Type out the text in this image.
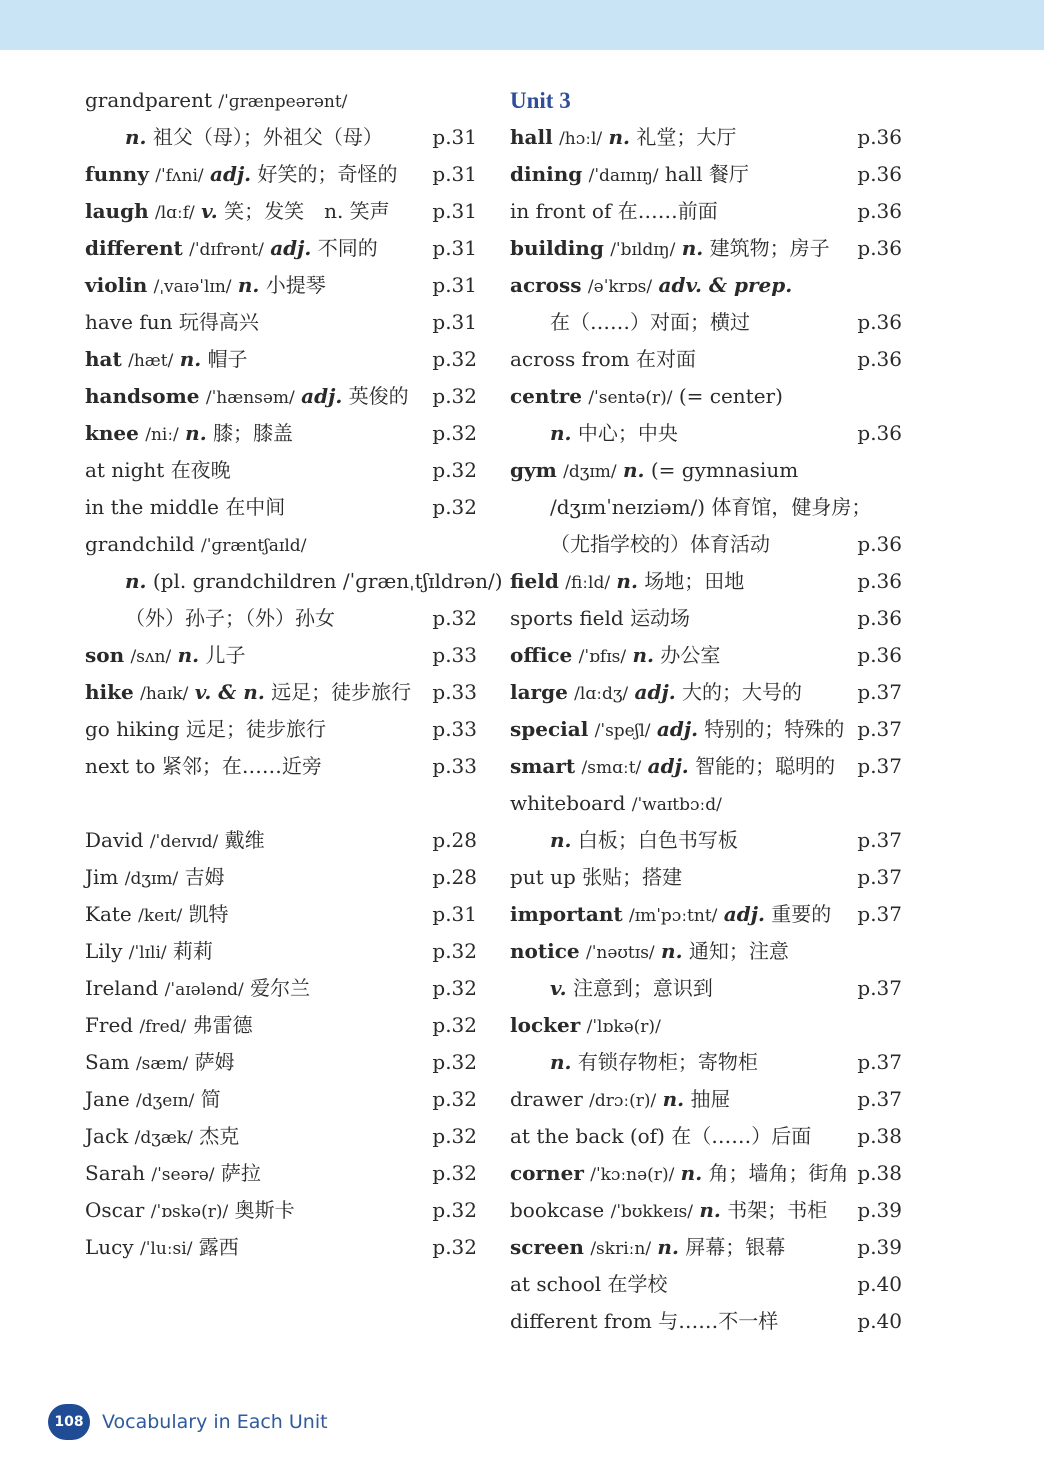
grandparent /ˈɡrænpeərənt/
n. 祖父（母）；外祖父（母） p.31
funny /ˈfʌni/ adj. 好笑的；奇怪的 p.31
laugh /lɑːf/ v. 笑；发笑　n. 笑声 p.31
different /ˈdɪfrənt/ adj. 不同的	p.31
violin /ˌvaɪəˈlɪn/ n. 小提琴	p.31
have fun 玩得高兴	p.31
hat /hæt/ n. 帽子	p.32
handsome /ˈhænsəm/ adj. 英俊的 p.32
knee /niː/ n. 膝；膝盖	p.32
at night 在夜晚	p.32
in the middle 在中间	p.32
grandchild /ˈɡræntʃaɪld/
n. (pl. grandchildren /ˈɡrænˌtʃɪldrən/)
（外）孙子；（外）孙女	p.32
son /sʌn/ n. 儿子	p.33
hike /haɪk/ v. & n. 远足；徒步旅行 p.33
go hiking 远足；徒步旅行	p.33
next to 紧邻；在……近旁	p.33
David /ˈdeɪvɪd/ 戴维	p.28
Jim /dʒɪm/ 吉姆	p.28
Kate /keɪt/ 凯特	p.31
Lily /ˈlɪli/ 莉莉	p.32
Ireland /ˈaɪələnd/ 爱尔兰	p.32
Fred /fred/ 弗雷德	p.32
Sam /sæm/ 萨姆	p.32
Jane /dʒeɪn/ 简	p.32
Jack /dʒæk/ 杰克	p.32
Sarah /ˈseərə/ 萨拉	p.32
Oscar /ˈɒskə(r)/ 奥斯卡	p.32
Lucy /ˈluːsi/ 露西	p.32
Unit 3
hall /hɔːl/ n. 礼堂；大厅	p.36
dining /ˈdaɪnɪŋ/ hall 餐厅	p.36
in front of 在……前面	p.36
building /ˈbɪldɪŋ/ n. 建筑物；房子 p.36
across /əˈkrɒs/ adv. & prep.
在（……）对面；横过	p.36
across from 在对面	p.36
centre /ˈsentə(r)/ (= center)
n. 中心；中央	p.36
gym /dʒɪm/ n. (= gymnasium
/dʒɪmˈneɪziəm/) 体育馆，健身房；
（尤指学校的）体育活动	p.36
field /fiːld/ n. 场地；田地	p.36
sports field 运动场	p.36
office /ˈɒfɪs/ n. 办公室	p.36
large /lɑːdʒ/ adj. 大的；大号的	p.37
special /ˈspeʃl/ adj. 特别的；特殊的 p.37
smart /smɑːt/ adj. 智能的；聪明的 p.37
whiteboard /ˈwaɪtbɔːd/
n. 白板；白色书写板	p.37
put up 张贴；搭建	p.37
important /ɪmˈpɔːtnt/ adj. 重要的 p.37
notice /ˈnəʊtɪs/ n. 通知；注意
v. 注意到；意识到	p.37
locker /ˈlɒkə(r)/
n. 有锁存物柜；寄物柜	p.37
drawer /drɔː(r)/ n. 抽屉	p.37
at the back (of) 在（……）后面 p.38
corner /ˈkɔːnə(r)/ n. 角；墙角；街角 p.38
bookcase /ˈbʊkkeɪs/ n. 书架；书柜 p.39
screen /skriːn/ n. 屏幕；银幕	p.39
at school 在学校	p.40
different from 与……不一样	p.40
108 Vocabulary in Each Unit
